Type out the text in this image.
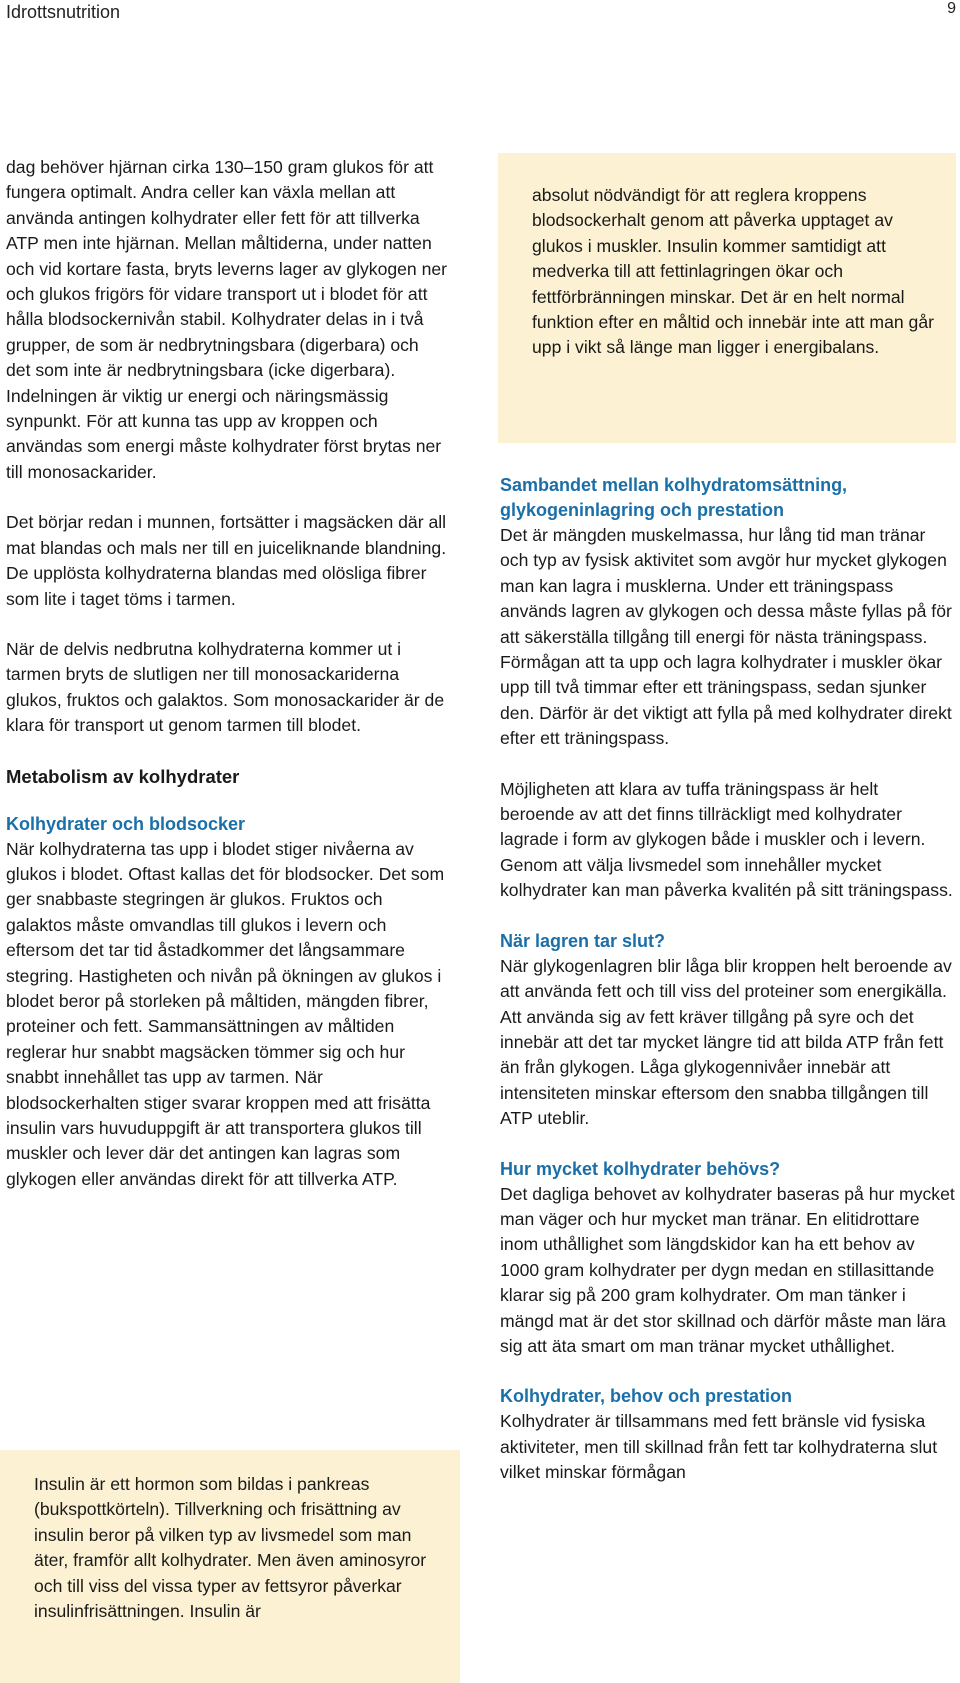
Idrottsnutrition	9

dag behöver hjärnan cirka 130–150 gram glukos för att fungera optimalt. Andra celler kan växla mellan att använda antingen kolhydrater eller fett för att tillverka ATP men inte hjärnan. Mellan måltiderna, under natten och vid kortare fasta, bryts leverns lager av glykogen ner och glukos frigörs för vidare transport ut i blodet för att hålla blodsockernivån stabil. Kolhydrater delas in i två grupper, de som är nedbrytningsbara (digerbara) och det som inte är nedbrytningsbara (icke digerbara). Indelningen är viktig ur energi och näringsmässig synpunkt. För att kunna tas upp av kroppen och användas som energi måste kolhydrater först brytas ner till monosackarider.

Det börjar redan i munnen, fortsätter i magsäcken där all mat blandas och mals ner till en juiceliknande blandning. De upplösta kolhydraterna blandas med olösliga fibrer som lite i taget töms i tarmen.

När de delvis nedbrutna kolhydraterna kommer ut i tarmen bryts de slutligen ner till monosackariderna glukos, fruktos och galaktos. Som monosackarider är de klara för transport ut genom tarmen till blodet.

Metabolism av kolhydrater
Kolhydrater och blodsocker

När kolhydraterna tas upp i blodet stiger nivåerna av glukos i blodet. Oftast kallas det för blodsocker. Det som ger snabbaste stegringen är glukos. Fruktos och galaktos måste omvandlas till glukos i levern och eftersom det tar tid åstadkommer det långsammare stegring. Hastigheten och nivån på ökningen av glukos i blodet beror på storleken på måltiden, mängden fibrer, proteiner och fett. Sammansättningen av måltiden reglerar hur snabbt magsäcken tömmer sig och hur snabbt innehållet tas upp av tarmen. När blodsockerhalten stiger svarar kroppen med att frisätta insulin vars huvuduppgift är att transportera glukos till muskler och lever där det antingen kan lagras som glykogen eller användas direkt för att tillverka ATP.

Insulin är ett hormon som bildas i pankreas (bukspottkörteln). Tillverkning och frisättning av insulin beror på vilken typ av livsmedel som man äter, framför allt kolhydrater. Men även aminosyror och till viss del vissa typer av fettsyror påverkar insulinfrisättningen. Insulin är
absolut nödvändigt för att reglera kroppens blodsockerhalt genom att påverka upptaget av glukos i muskler. Insulin kommer samtidigt att medverka till att fettinlagringen ökar och fettförbränningen minskar. Det är en helt normal funktion efter en måltid och innebär inte att man går upp i vikt så länge man ligger i energibalans.
Sambandet mellan kolhydratomsättning, glykogeninlagring och prestation

Det är mängden muskelmassa, hur lång tid man tränar och typ av fysisk aktivitet som avgör hur mycket glykogen man kan lagra i musklerna. Under ett träningspass används lagren av glykogen och dessa måste fyllas på för att säkerställa tillgång till energi för nästa träningspass. Förmågan att ta upp och lagra kolhydrater i muskler ökar upp till två timmar efter ett träningspass, sedan sjunker den. Därför är det viktigt att fylla på med kolhydrater direkt efter ett träningspass.

Möjligheten att klara av tuffa träningspass är helt beroende av att det finns tillräckligt med kolhydrater lagrade i form av glykogen både i muskler och i levern. Genom att välja livsmedel som innehåller mycket kolhydrater kan man påverka kvalitén på sitt träningspass.

När lagren tar slut?

När glykogenlagren blir låga blir kroppen helt beroende av att använda fett och till viss del proteiner som energikälla. Att använda sig av fett kräver tillgång på syre och det innebär att det tar mycket längre tid att bilda ATP från fett än från glykogen. Låga glykogennivåer innebär att intensiteten minskar eftersom den snabba tillgången till ATP uteblir.

Hur mycket kolhydrater behövs?

Det dagliga behovet av kolhydrater baseras på hur mycket man väger och hur mycket man tränar. En elitidrottare inom uthållighet som längdskidor kan ha ett behov av 1000 gram kolhydrater per dygn medan en stillasittande klarar sig på 200 gram kolhydrater. Om man tänker i mängd mat är det stor skillnad och därför måste man lära sig att äta smart om man tränar mycket uthållighet.

Kolhydrater, behov och prestation

Kolhydrater är tillsammans med fett bränsle vid fysiska aktiviteter, men till skillnad från fett tar kolhydraterna slut vilket minskar förmågan
